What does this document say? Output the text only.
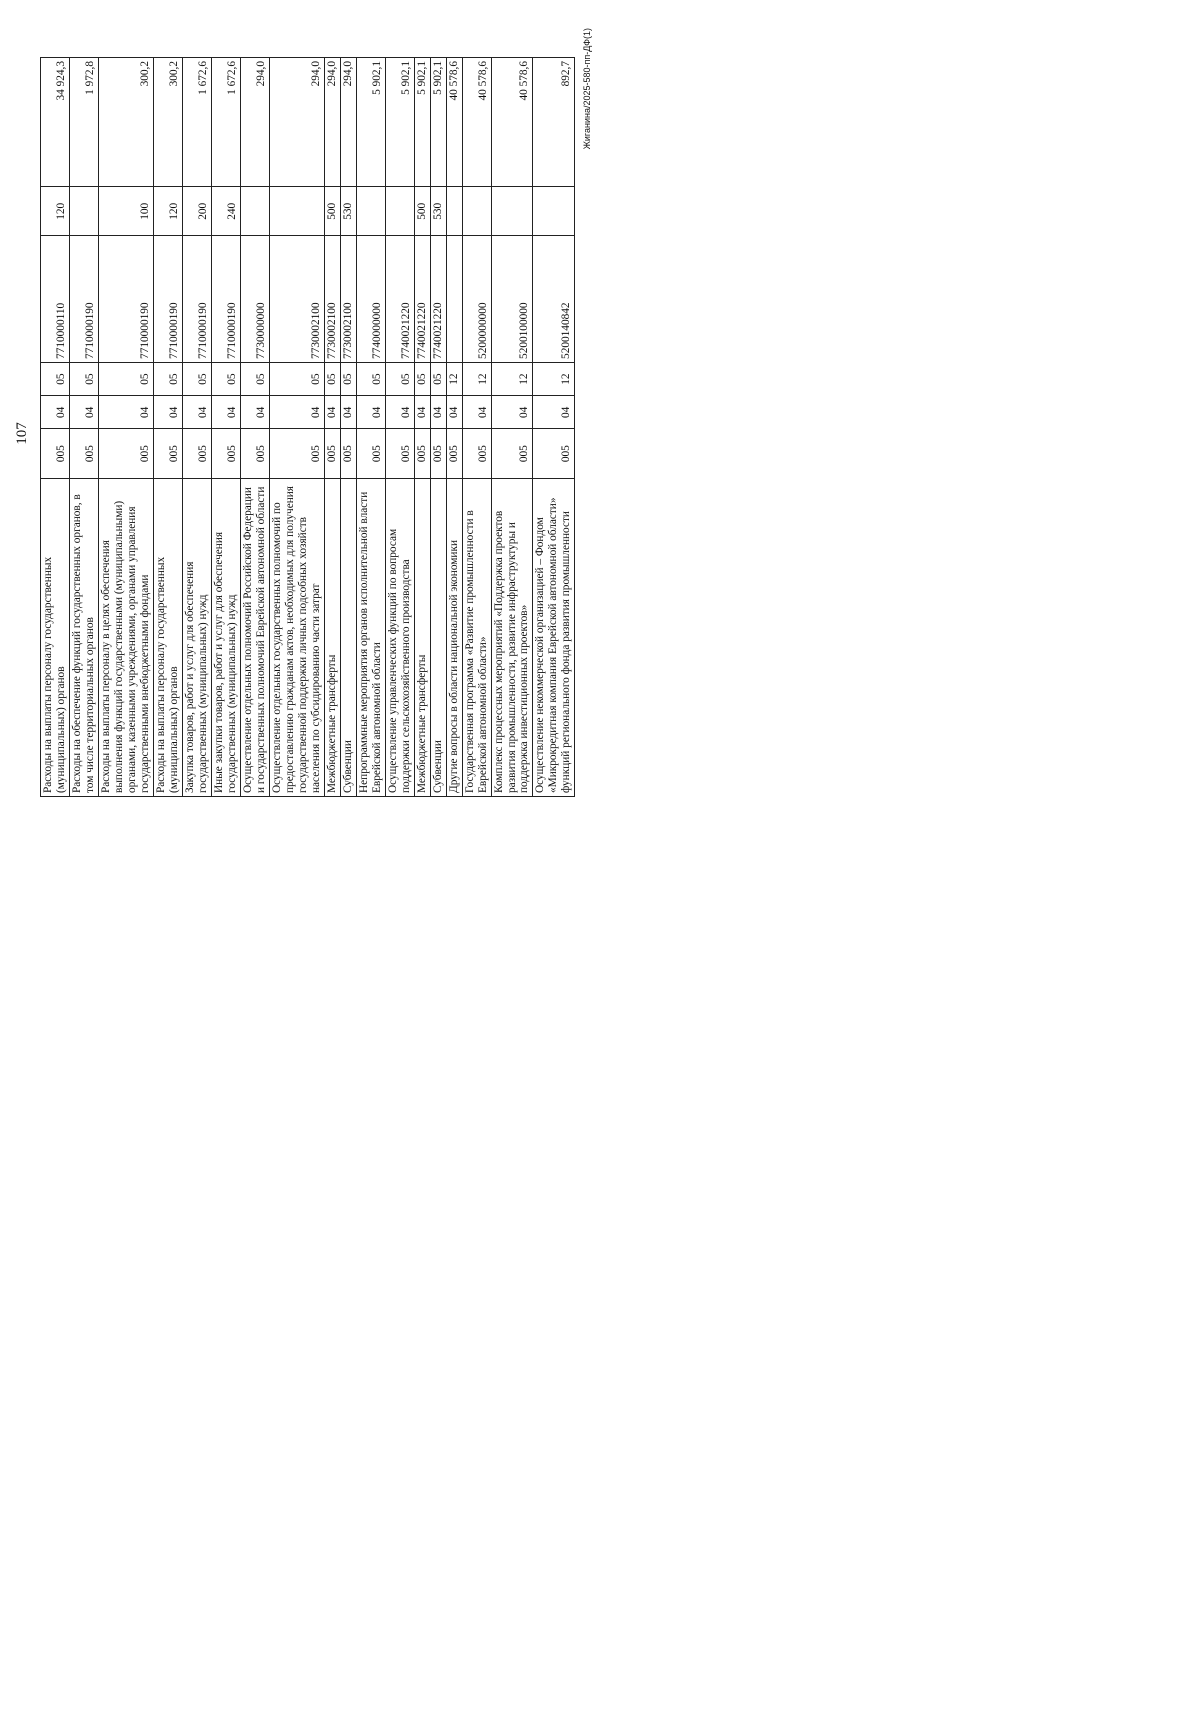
107
Расходы на выплаты персоналу государственных (муниципальных) органов	005	04	05	7710000110	120	34 924,3
Расходы на обеспечение функций государственных органов, в том числе территориальных органов	005	04	05	7710000190		1 972,8
Расходы на выплаты персоналу в целях обеспечения выполнения функций государственными (муниципальными) органами, казенными учреждениями, органами управления государственными внебюджетными фондами	005	04	05	7710000190	100	300,2
Расходы на выплаты персоналу государственных (муниципальных) органов	005	04	05	7710000190	120	300,2
Закупка товаров, работ и услуг для обеспечения государственных (муниципальных) нужд	005	04	05	7710000190	200	1 672,6
Иные закупки товаров, работ и услуг для обеспечения государственных (муниципальных) нужд	005	04	05	7710000190	240	1 672,6
Осуществление отдельных полномочий Российской Федерации и государственных полномочий Еврейской автономной области	005	04	05	7730000000		294,0
Осуществление отдельных государственных полномочий по предоставлению гражданам актов, необходимых для получения государственной поддержки личных подсобных хозяйств населения по субсидированию части затрат	005	04	05	7730002100		294,0
Межбюджетные трансферты	005	04	05	7730002100	500	294,0
Субвенции	005	04	05	7730002100	530	294,0
Непрограммные мероприятия органов исполнительной власти Еврейской автономной области	005	04	05	7740000000		5 902,1
Осуществление управленческих функций по вопросам поддержки сельскохозяйственного производства	005	04	05	7740021220		5 902,1
Межбюджетные трансферты	005	04	05	7740021220	500	5 902,1
Субвенции	005	04	05	7740021220	530	5 902,1
Другие вопросы в области национальной экономики	005	04	12			40 578,6
Государственная программа «Развитие промышленности в Еврейской автономной области»	005	04	12	5200000000		40 578,6
Комплекс процессных мероприятий «Поддержка проектов развития промышленности, развитие инфраструктуры и поддержка инвестиционных проектов»	005	04	12	5200100000		40 578,6
Осуществление некоммерческой организацией – Фондом «Микрокредитная компания Еврейской автономной области» функций регионального фонда развития промышленности	005	04	12	5200140842		892,7 Жиганина/2025-580-пп-ДФ(1)
